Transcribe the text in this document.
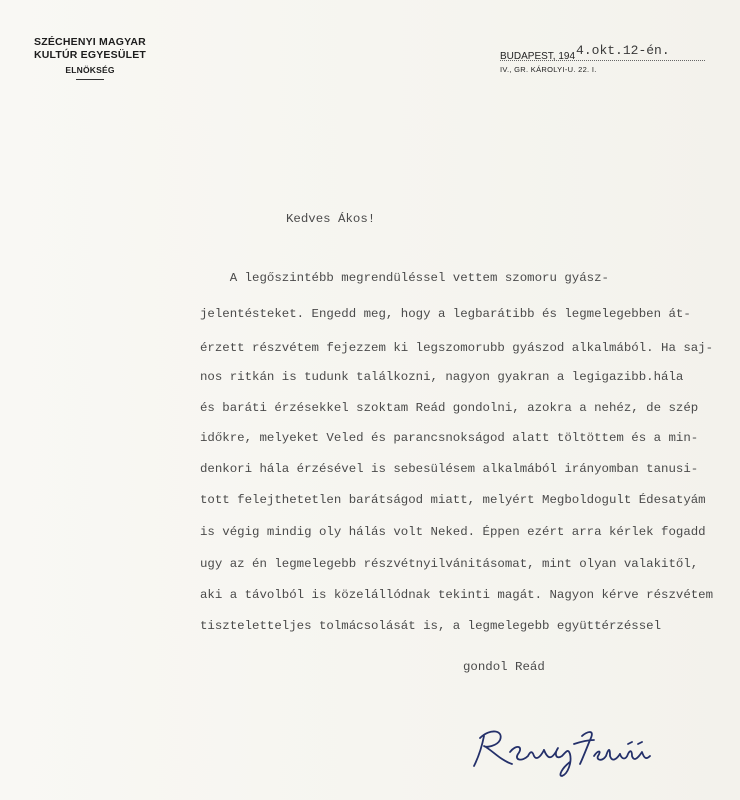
SZÉCHENYI MAGYAR
KULTÚR EGYESÜLET
ELNÖKSÉG
BUDAPEST, 1944.okt.12-én.
IV., GR. KÁROLYI-U. 22. I.
Kedves Ákos!
A legőszintébb megrendüléssel vettem szomoru gyász-
jelentésteket. Engedd meg, hogy a legbarátibb és legmelegebben át-
érzett részvétem fejezzem ki legszomorubb gyászod alkalmából. Ha saj-
nos ritkán is tudunk találkozni, nagyon gyakran a legigazibb.hála
és baráti érzésekkel szoktam Reád gondolni, azokra a nehéz, de szép
időkre, melyeket Veled és parancsnokságod alatt töltöttem és a min-
denkori hála érzésével is sebesülésem alkalmából irányomban tanusi-
tott felejthetetlen barátságod miatt, melyért Megboldogult Édesatyám
is végig mindig oly hálás volt Neked. Éppen ezért arra kérlek fogadd
ugy az én legmelegebb részvétnyilvánitásomat, mint olyan valakitől,
aki a távolból is közelállódnak tekinti magát. Nagyon kérve részvétem
tiszteletteljes tolmácsolását is, a legmelegebb együttérzéssel
gondol Reád
